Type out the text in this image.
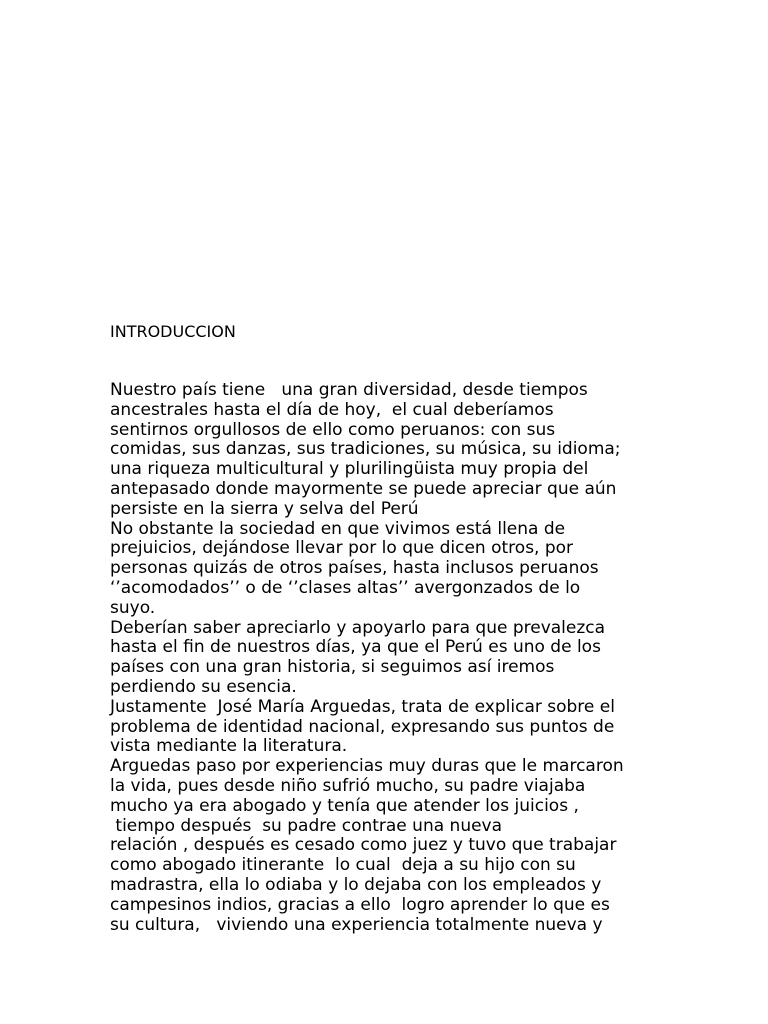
INTRODUCCION

Nuestro país tiene   una gran diversidad, desde tiempos
ancestrales hasta el día de hoy,  el cual deberíamos
sentirnos orgullosos de ello como peruanos: con sus
comidas, sus danzas, sus tradiciones, su música, su idioma;
una riqueza multicultural y plurilingüista muy propia del
antepasado donde mayormente se puede apreciar que aún
persiste en la sierra y selva del Perú
No obstante la sociedad en que vivimos está llena de
prejuicios, dejándose llevar por lo que dicen otros, por
personas quizás de otros países, hasta inclusos peruanos
‘’acomodados’’ o de ‘’clases altas’’ avergonzados de lo
suyo.
Deberían saber apreciarlo y apoyarlo para que prevalezca
hasta el fin de nuestros días, ya que el Perú es uno de los
países con una gran historia, si seguimos así iremos
perdiendo su esencia.
Justamente  José María Arguedas, trata de explicar sobre el
problema de identidad nacional, expresando sus puntos de
vista mediante la literatura.
Arguedas paso por experiencias muy duras que le marcaron
la vida, pues desde niño sufrió mucho, su padre viajaba
mucho ya era abogado y tenía que atender los juicios ,
tiempo después  su padre contrae una nueva
relación , después es cesado como juez y tuvo que trabajar
como abogado itinerante  lo cual  deja a su hijo con su
madrastra, ella lo odiaba y lo dejaba con los empleados y
campesinos indios, gracias a ello  logro aprender lo que es
su cultura,   viviendo una experiencia totalmente nueva y
